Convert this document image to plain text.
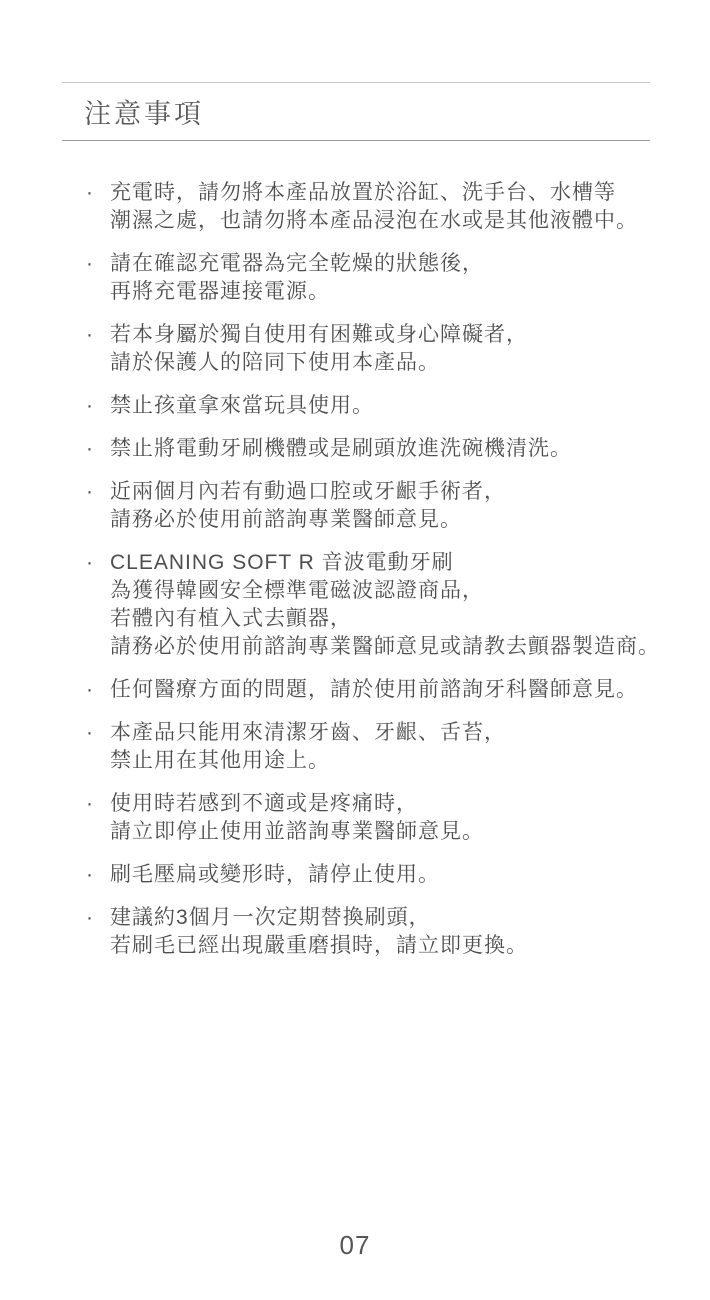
注意事項
· 充電時，請勿將本產品放置於浴缸、洗手台、水槽等
潮濕之處，也請勿將本產品浸泡在水或是其他液體中。
· 請在確認充電器為完全乾燥的狀態後，
再將充電器連接電源。
· 若本身屬於獨自使用有困難或身心障礙者，
請於保護人的陪同下使用本產品。
· 禁止孩童拿來當玩具使用。
· 禁止將電動牙刷機體或是刷頭放進洗碗機清洗。
· 近兩個月內若有動過口腔或牙齦手術者，
請務必於使用前諮詢專業醫師意見。
· CLEANING SOFT R 音波電動牙刷
為獲得韓國安全標準電磁波認證商品，
若體內有植入式去顫器，
請務必於使用前諮詢專業醫師意見或請教去顫器製造商。
· 任何醫療方面的問題，請於使用前諮詢牙科醫師意見。
· 本產品只能用來清潔牙齒、牙齦、舌苔，
禁止用在其他用途上。
· 使用時若感到不適或是疼痛時，
請立即停止使用並諮詢專業醫師意見。
· 刷毛壓扁或變形時，請停止使用。
· 建議約3個月一次定期替換刷頭，
若刷毛已經出現嚴重磨損時，請立即更換。
07
